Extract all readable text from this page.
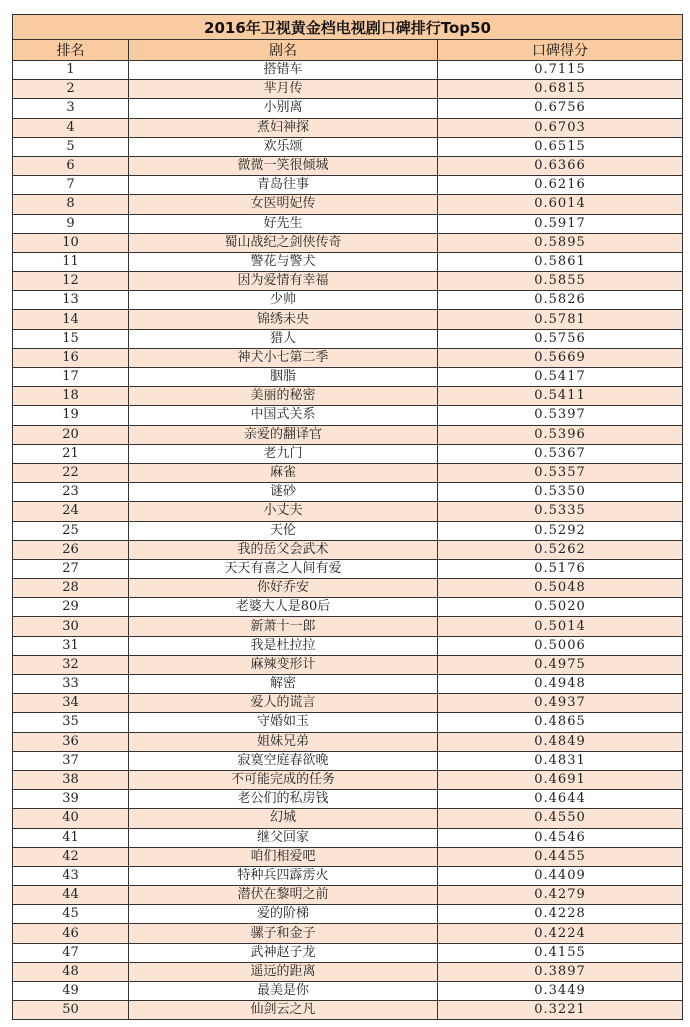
2016年卫视黄金档电视剧口碑排行Top50		
排名	剧名	口碑得分
1	搭错车	0.7115
2	芈月传	0.6815
3	小别离	0.6756
4	煮妇神探	0.6703
5	欢乐颂	0.6515
6	微微一笑很倾城	0.6366
7	青岛往事	0.6216
8	女医明妃传	0.6014
9	好先生	0.5917
10	蜀山战纪之剑侠传奇	0.5895
11	警花与警犬	0.5861
12	因为爱情有幸福	0.5855
13	少帅	0.5826
14	锦绣未央	0.5781
15	猎人	0.5756
16	神犬小七第二季	0.5669
17	胭脂	0.5417
18	美丽的秘密	0.5411
19	中国式关系	0.5397
20	亲爱的翻译官	0.5396
21	老九门	0.5367
22	麻雀	0.5357
23	谜砂	0.5350
24	小丈夫	0.5335
25	天伦	0.5292
26	我的岳父会武术	0.5262
27	天天有喜之人间有爱	0.5176
28	你好乔安	0.5048
29	老婆大人是80后	0.5020
30	新萧十一郎	0.5014
31	我是杜拉拉	0.5006
32	麻辣变形计	0.4975
33	解密	0.4948
34	爱人的谎言	0.4937
35	守婚如玉	0.4865
36	姐妹兄弟	0.4849
37	寂寞空庭春欲晚	0.4831
38	不可能完成的任务	0.4691
39	老公们的私房钱	0.4644
40	幻城	0.4550
41	继父回家	0.4546
42	咱们相爱吧	0.4455
43	特种兵四霹雳火	0.4409
44	潜伏在黎明之前	0.4279
45	爱的阶梯	0.4228
46	骡子和金子	0.4224
47	武神赵子龙	0.4155
48	遥远的距离	0.3897
49	最美是你	0.3449
50	仙剑云之凡	0.3221
